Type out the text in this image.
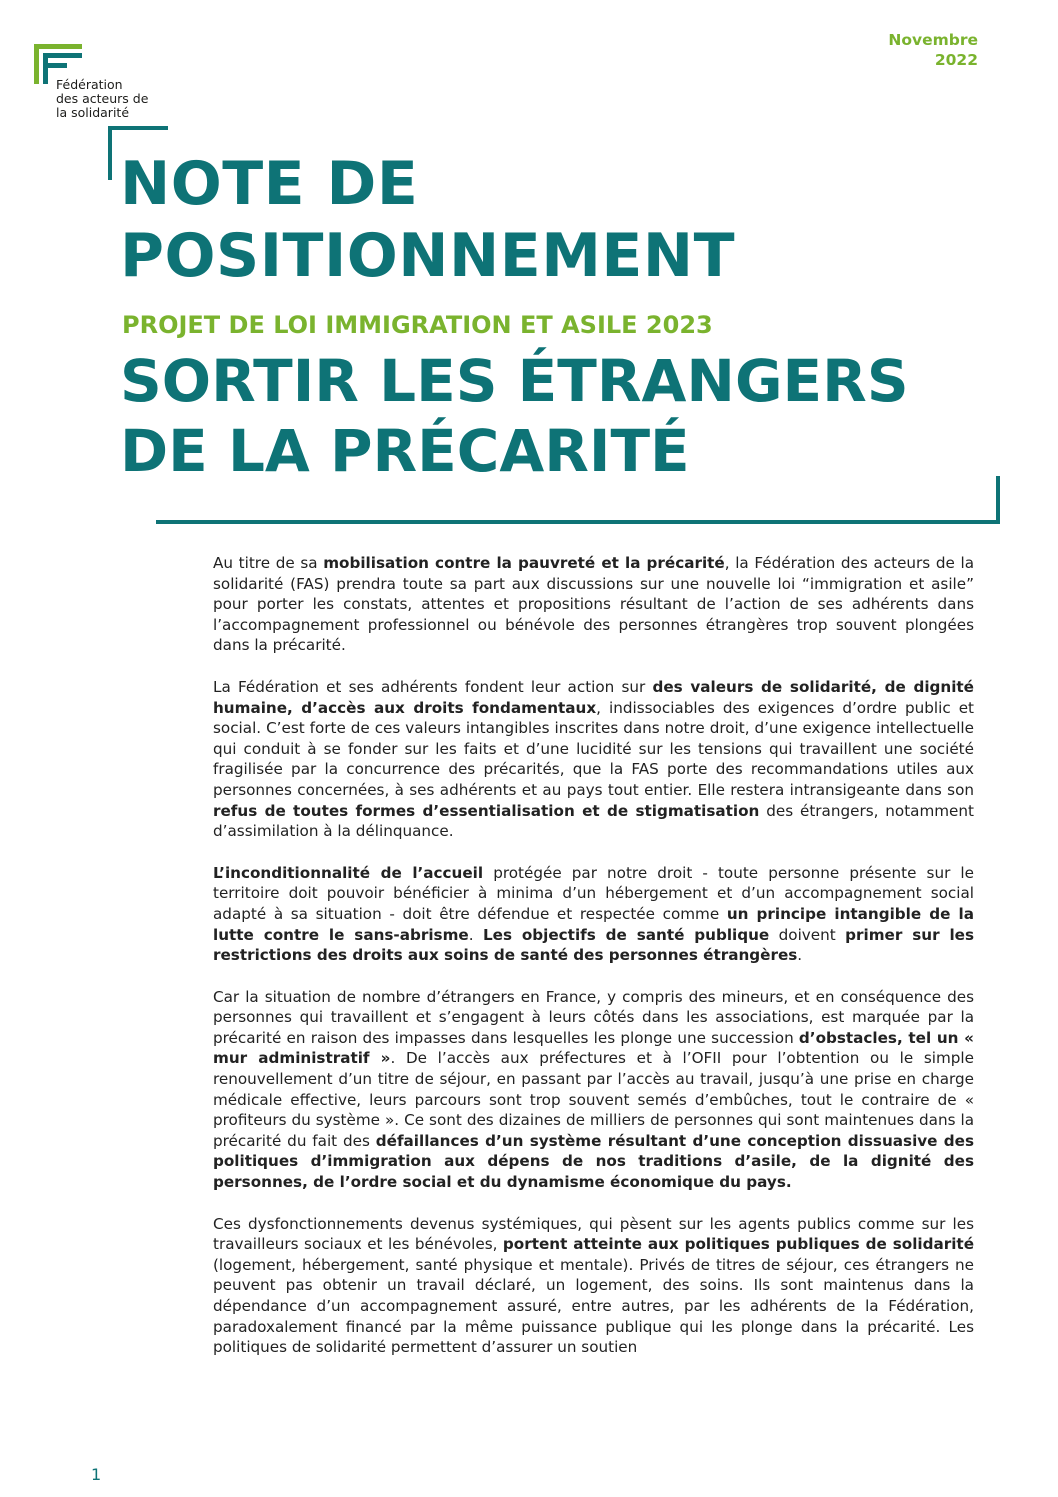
Fédération
des acteurs de
la solidarité
Novembre
2022
NOTE DE
POSITIONNEMENT
PROJET DE LOI IMMIGRATION ET ASILE 2023
SORTIR LES ÉTRANGERS
DE LA PRÉCARITÉ

Au titre de sa mobilisation contre la pauvreté et la précarité, la Fédération des acteurs de la solidarité (FAS) prendra toute sa part aux discussions sur une nouvelle loi “immigration et asile” pour porter les constats, attentes et propositions résultant de l’action de ses adhérents dans l’accompagnement professionnel ou bénévole des personnes étrangères trop souvent plongées dans la précarité.

La Fédération et ses adhérents fondent leur action sur des valeurs de solidarité, de dignité humaine, d’accès aux droits fondamentaux, indissociables des exigences d’ordre public et social. C’est forte de ces valeurs intangibles inscrites dans notre droit, d’une exigence intellectuelle qui conduit à se fonder sur les faits et d’une lucidité sur les tensions qui travaillent une société fragilisée par la concurrence des précarités, que la FAS porte des recommandations utiles aux personnes concernées, à ses adhérents et au pays tout entier. Elle restera intransigeante dans son refus de toutes formes d’essentialisation et de stigmatisation des étrangers, notamment d’assimilation à la délinquance.

L’inconditionnalité de l’accueil protégée par notre droit - toute personne présente sur le territoire doit pouvoir bénéficier à minima d’un hébergement et d’un accompagnement social adapté à sa situation - doit être défendue et respectée comme un principe intangible de la lutte contre le sans-abrisme. Les objectifs de santé publique doivent primer sur les restrictions des droits aux soins de santé des personnes étrangères.

Car la situation de nombre d’étrangers en France, y compris des mineurs, et en conséquence des personnes qui travaillent et s’engagent à leurs côtés dans les associations, est marquée par la précarité en raison des impasses dans lesquelles les plonge une succession d’obstacles, tel un « mur administratif ». De l’accès aux préfectures et à l’OFII pour l’obtention ou le simple renouvellement d’un titre de séjour, en passant par l’accès au travail, jusqu’à une prise en charge médicale effective, leurs parcours sont trop souvent semés d’embûches, tout le contraire de « profiteurs du système ». Ce sont des dizaines de milliers de personnes qui sont maintenues dans la précarité du fait des défaillances d’un système résultant d’une conception dissuasive des politiques d’immigration aux dépens de nos traditions d’asile, de la dignité des personnes, de l’ordre social et du dynamisme économique du pays.

Ces dysfonctionnements devenus systémiques, qui pèsent sur les agents publics comme sur les travailleurs sociaux et les bénévoles, portent atteinte aux politiques publiques de solidarité (logement, hébergement, santé physique et mentale). Privés de titres de séjour, ces étrangers ne peuvent pas obtenir un travail déclaré, un logement, des soins. Ils sont maintenus dans la dépendance d’un accompagnement assuré, entre autres, par les adhérents de la Fédération, paradoxalement financé par la même puissance publique qui les plonge dans la précarité. Les politiques de solidarité permettent d’assurer un soutien

1
